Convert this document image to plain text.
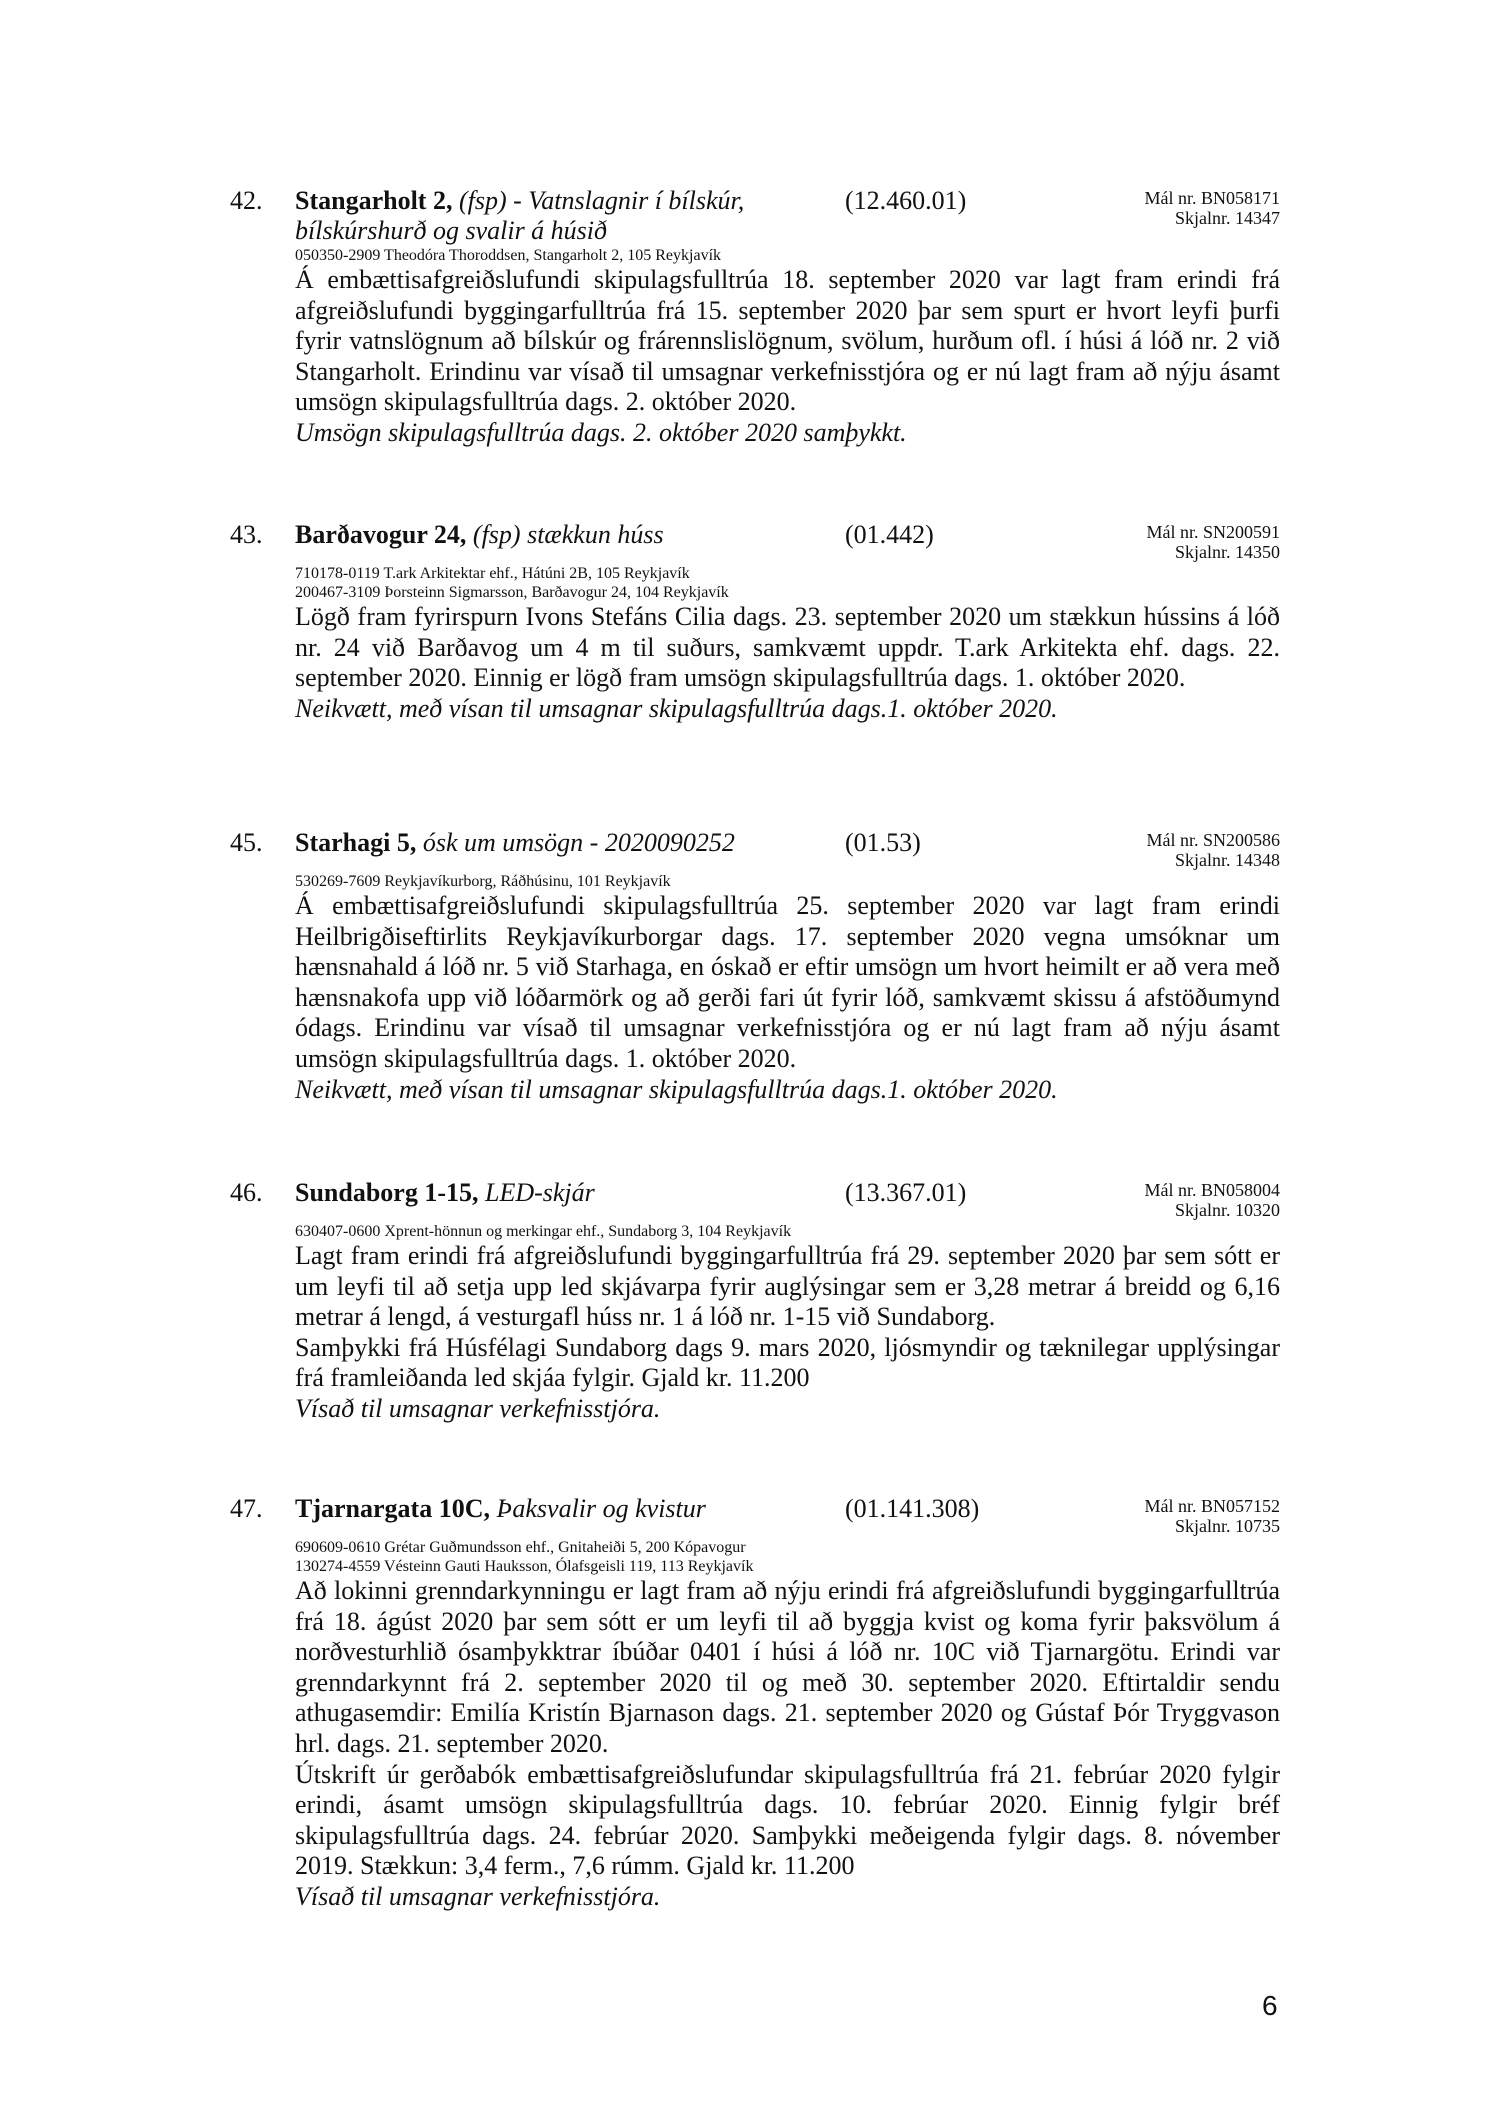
42. Stangarholt 2, (fsp) - Vatnslagnir í bílskúr, bílskúrshurð og svalir á húsið
(12.460.01)	Mál nr. BN058171
Skjalnr. 14347
050350-2909 Theodóra Thoroddsen, Stangarholt 2, 105 Reykjavík
Á embættisafgreiðslufundi skipulagsfulltrúa 18. september 2020 var lagt fram erindi frá afgreiðslufundi byggingarfulltrúa frá 15. september 2020 þar sem spurt er hvort leyfi þurfi fyrir vatnslögnum að bílskúr og frárennslislögnum, svölum, hurðum ofl. í húsi á lóð nr. 2 við Stangarholt. Erindinu var vísað til umsagnar verkefnisstjóra og er nú lagt fram að nýju ásamt umsögn skipulagsfulltrúa dags. 2. október 2020.
Umsögn skipulagsfulltrúa dags. 2. október 2020 samþykkt.
43. Barðavogur 24, (fsp) stækkun húss	(01.442)	Mál nr. SN200591
Skjalnr. 14350
710178-0119 T.ark Arkitektar ehf., Hátúni 2B, 105 Reykjavík
200467-3109 Þorsteinn Sigmarsson, Barðavogur 24, 104 Reykjavík
Lögð fram fyrirspurn Ivons Stefáns Cilia dags. 23. september 2020 um stækkun hússins á lóð nr. 24 við Barðavog um 4 m til suðurs, samkvæmt uppdr. T.ark Arkitekta ehf. dags. 22. september 2020. Einnig er lögð fram umsögn skipulagsfulltrúa dags. 1. október 2020.
Neikvætt, með vísan til umsagnar skipulagsfulltrúa dags.1. október 2020.
45. Starhagi 5, ósk um umsögn - 2020090252	(01.53)	Mál nr. SN200586
Skjalnr. 14348
530269-7609 Reykjavíkurborg, Ráðhúsinu, 101 Reykjavík
Á embættisafgreiðslufundi skipulagsfulltrúa 25. september 2020 var lagt fram erindi Heilbrigðiseftirlits Reykjavíkurborgar dags. 17. september 2020 vegna umsóknar um hænsnahald á lóð nr. 5 við Starhaga, en óskað er eftir umsögn um hvort heimilt er að vera með hænsnakofa upp við lóðarmörk og að gerði fari út fyrir lóð, samkvæmt skissu á afstöðumynd ódags. Erindinu var vísað til umsagnar verkefnisstjóra og er nú lagt fram að nýju ásamt umsögn skipulagsfulltrúa dags. 1. október 2020.
Neikvætt, með vísan til umsagnar skipulagsfulltrúa dags.1. október 2020.
46. Sundaborg 1-15, LED-skjár	(13.367.01)	Mál nr. BN058004
Skjalnr. 10320
630407-0600 Xprent-hönnun og merkingar ehf., Sundaborg 3, 104 Reykjavík
Lagt fram erindi frá afgreiðslufundi byggingarfulltrúa frá 29. september 2020 þar sem sótt er um leyfi til að setja upp led skjávarpa fyrir auglýsingar sem er 3,28 metrar á breidd og 6,16 metrar á lengd, á vesturgafl húss nr. 1 á lóð nr. 1-15 við Sundaborg.
Samþykki frá Húsfélagi Sundaborg dags 9. mars 2020, ljósmyndir og tæknilegar upplýsingar frá framleiðanda led skjáa fylgir. Gjald kr. 11.200
Vísað til umsagnar verkefnisstjóra.
47. Tjarnargata 10C, Þaksvalir og kvistur	(01.141.308)	Mál nr. BN057152
Skjalnr. 10735
690609-0610 Grétar Guðmundsson ehf., Gnitaheiði 5, 200 Kópavogur
130274-4559 Vésteinn Gauti Hauksson, Ólafsgeisli 119, 113 Reykjavík
Að lokinni grenndarkynningu er lagt fram að nýju erindi frá afgreiðslufundi byggingarfulltrúa frá 18. ágúst 2020 þar sem sótt er um leyfi til að byggja kvist og koma fyrir þaksvölum á norðvesturhlið ósamþykktrar íbúðar 0401 í húsi á lóð nr. 10C við Tjarnargötu. Erindi var grenndarkynnt frá 2. september 2020 til og með 30. september 2020. Eftirtaldir sendu athugasemdir: Emilía Kristín Bjarnason dags. 21. september 2020 og Gústaf Þór Tryggvason hrl. dags. 21. september 2020.
Útskrift úr gerðabók embættisafgreiðslufundar skipulagsfulltrúa frá 21. febrúar 2020 fylgir erindi, ásamt umsögn skipulagsfulltrúa dags. 10. febrúar 2020. Einnig fylgir bréf skipulagsfulltrúa dags. 24. febrúar 2020. Samþykki meðeigenda fylgir dags. 8. nóvember 2019. Stækkun: 3,4 ferm., 7,6 rúmm. Gjald kr. 11.200
Vísað til umsagnar verkefnisstjóra.
6
